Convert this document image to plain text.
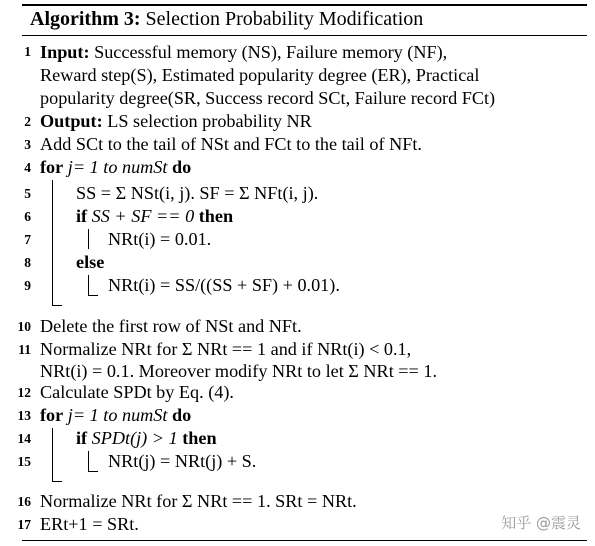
Algorithm 3: Selection Probability Modification
1
2
3
4
5
6
7
8
9
10
11
12
13
14
15
16
17
Input: Successful memory (NS), Failure memory (NF),
Reward step(S), Estimated popularity degree (ER), Practical
popularity degree(SR, Success record SCt, Failure record FCt)
Output: LS selection probability NR
Add SCt to the tail of NSt and FCt to the tail of NFt.
for j= 1 to numSt do
SS = Σ NSt(i, j). SF = Σ NFt(i, j).
if SS + SF == 0 then
NRt(i) = 0.01.
else
NRt(i) = SS/((SS + SF) + 0.01).
Delete the first row of NSt and NFt.
Normalize NRt for Σ NRt == 1 and if NRt(i) < 0.1,
NRt(i) = 0.1. Moreover modify NRt to let Σ NRt == 1.
Calculate SPDt by Eq. (4).
for j= 1 to numSt do
if SPDt(j) > 1 then
NRt(j) = NRt(j) + S.
Normalize NRt for Σ NRt == 1. SRt = NRt.
ERt+1 = SRt.	知乎 @震灵
